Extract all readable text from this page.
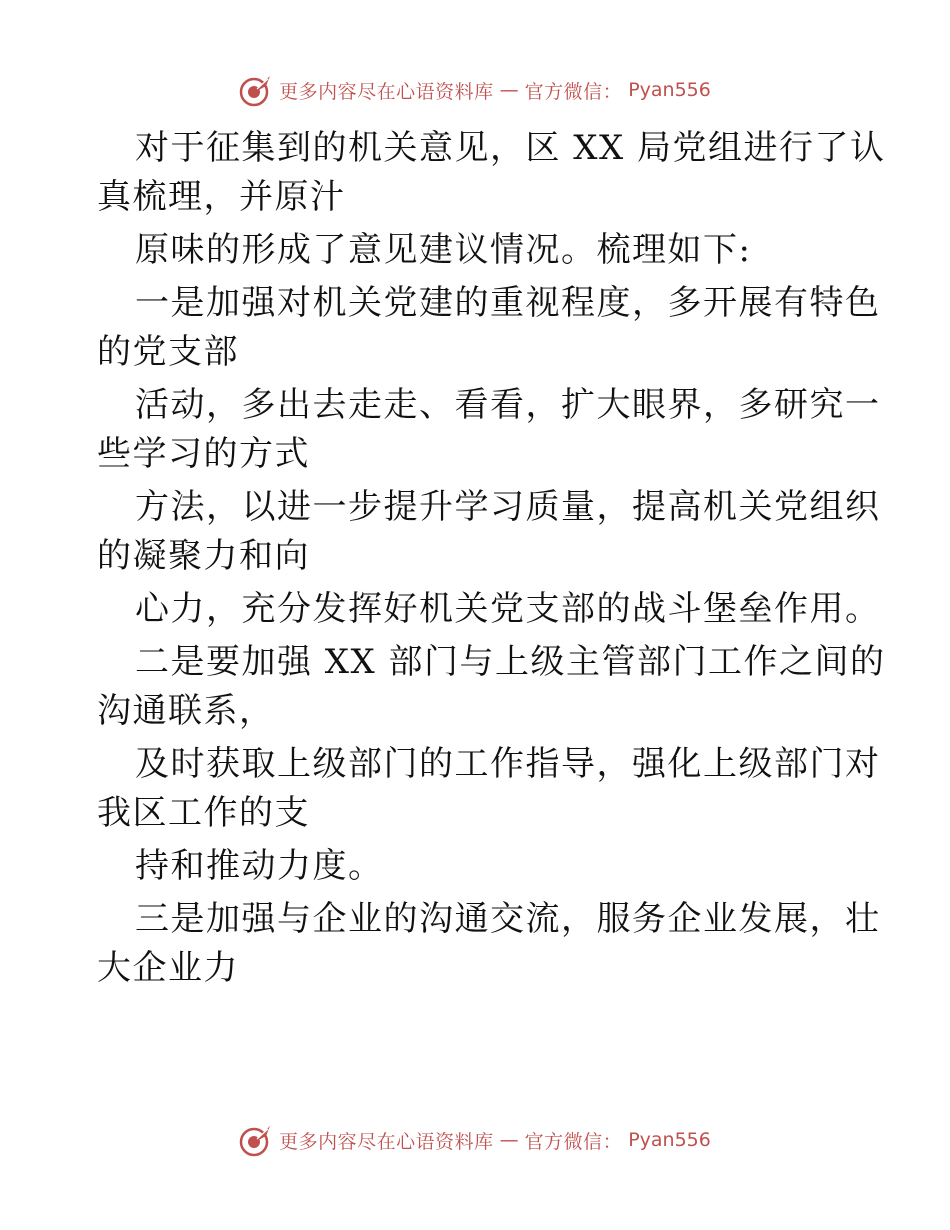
更多内容尽在心语资料库 — 官方微信： Pyan556
对于征集到的机关意见，区 XX 局党组进行了认
真梳理，并原汁
原味的形成了意见建议情况。梳理如下:
一是加强对机关党建的重视程度，多开展有特色
的党支部
活动，多出去走走、看看，扩大眼界，多研究一
些学习的方式
方法，以进一步提升学习质量，提高机关党组织
的凝聚力和向
心力，充分发挥好机关党支部的战斗堡垒作用。
二是要加强 XX 部门与上级主管部门工作之间的
沟通联系，
及时获取上级部门的工作指导，强化上级部门对
我区工作的支
持和推动力度。
三是加强与企业的沟通交流，服务企业发展，壮
大企业力
更多内容尽在心语资料库 — 官方微信： Pyan556
